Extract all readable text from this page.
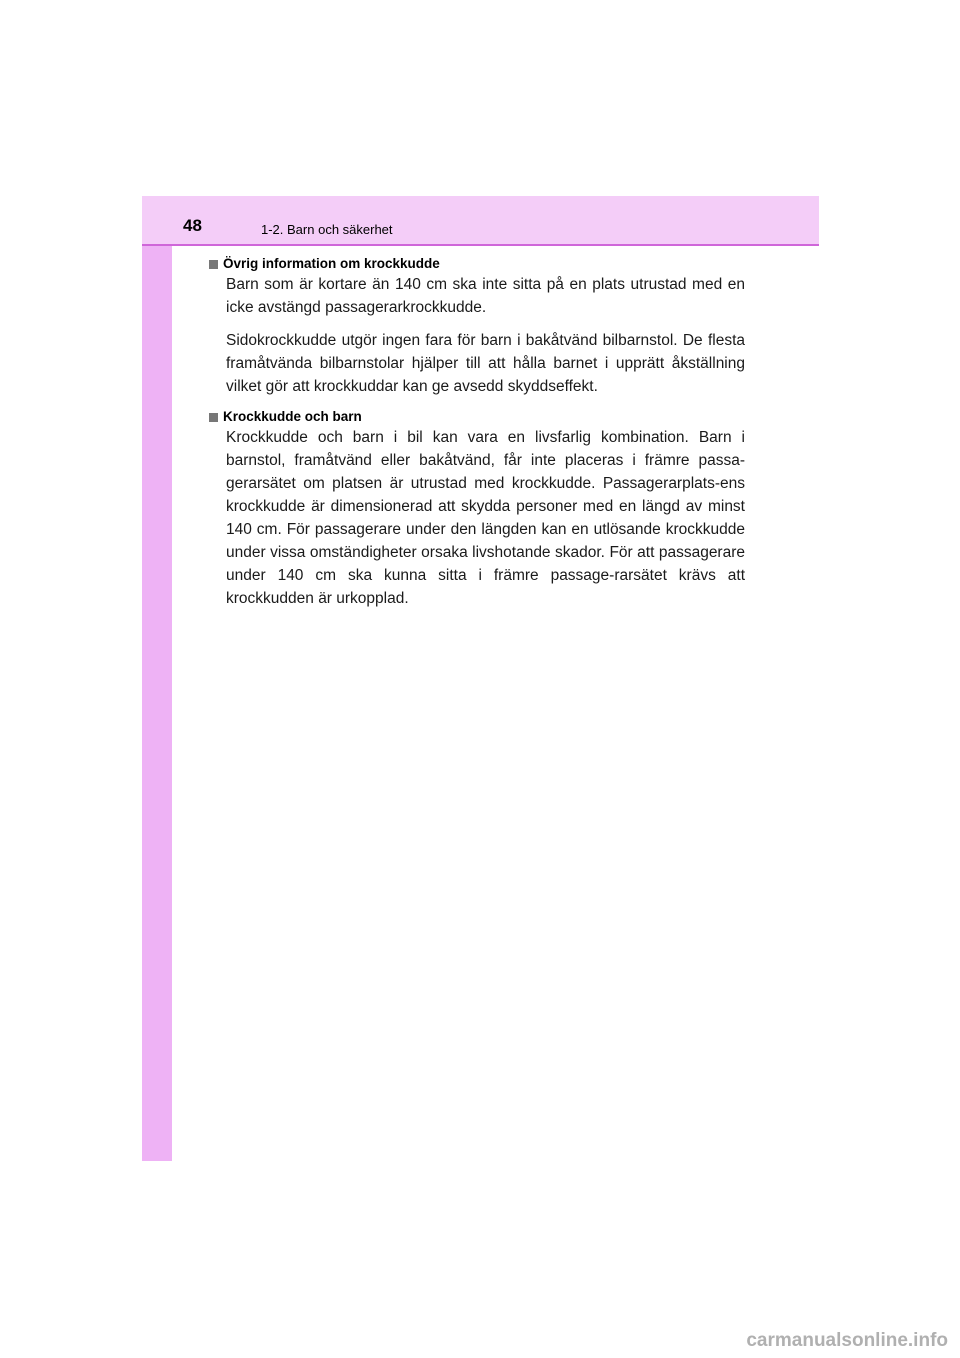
48	1-2. Barn och säkerhet
Övrig information om krockkudde

Barn som är kortare än 140 cm ska inte sitta på en plats utrustad med en icke avstängd passagerarkrockkudde.

Sidokrockkudde utgör ingen fara för barn i bakåtvänd bilbarnstol. De flesta framåtvända bilbarnstolar hjälper till att hålla barnet i upprätt åkställning vilket gör att krockkuddar kan ge avsedd skyddseffekt.

Krockkudde och barn

Krockkudde och barn i bil kan vara en livsfarlig kombination. Barn i barnstol, framåtvänd eller bakåtvänd, får inte placeras i främre passa-gerarsätet om platsen är utrustad med krockkudde. Passagerarplats-ens krockkudde är dimensionerad att skydda personer med en längd av minst 140 cm. För passagerare under den längden kan en utlösande krockkudde under vissa omständigheter orsaka livshotande skador. För att passagerare under 140 cm ska kunna sitta i främre passage-rarsätet krävs att krockkudden är urkopplad.

carmanualsonline.info
